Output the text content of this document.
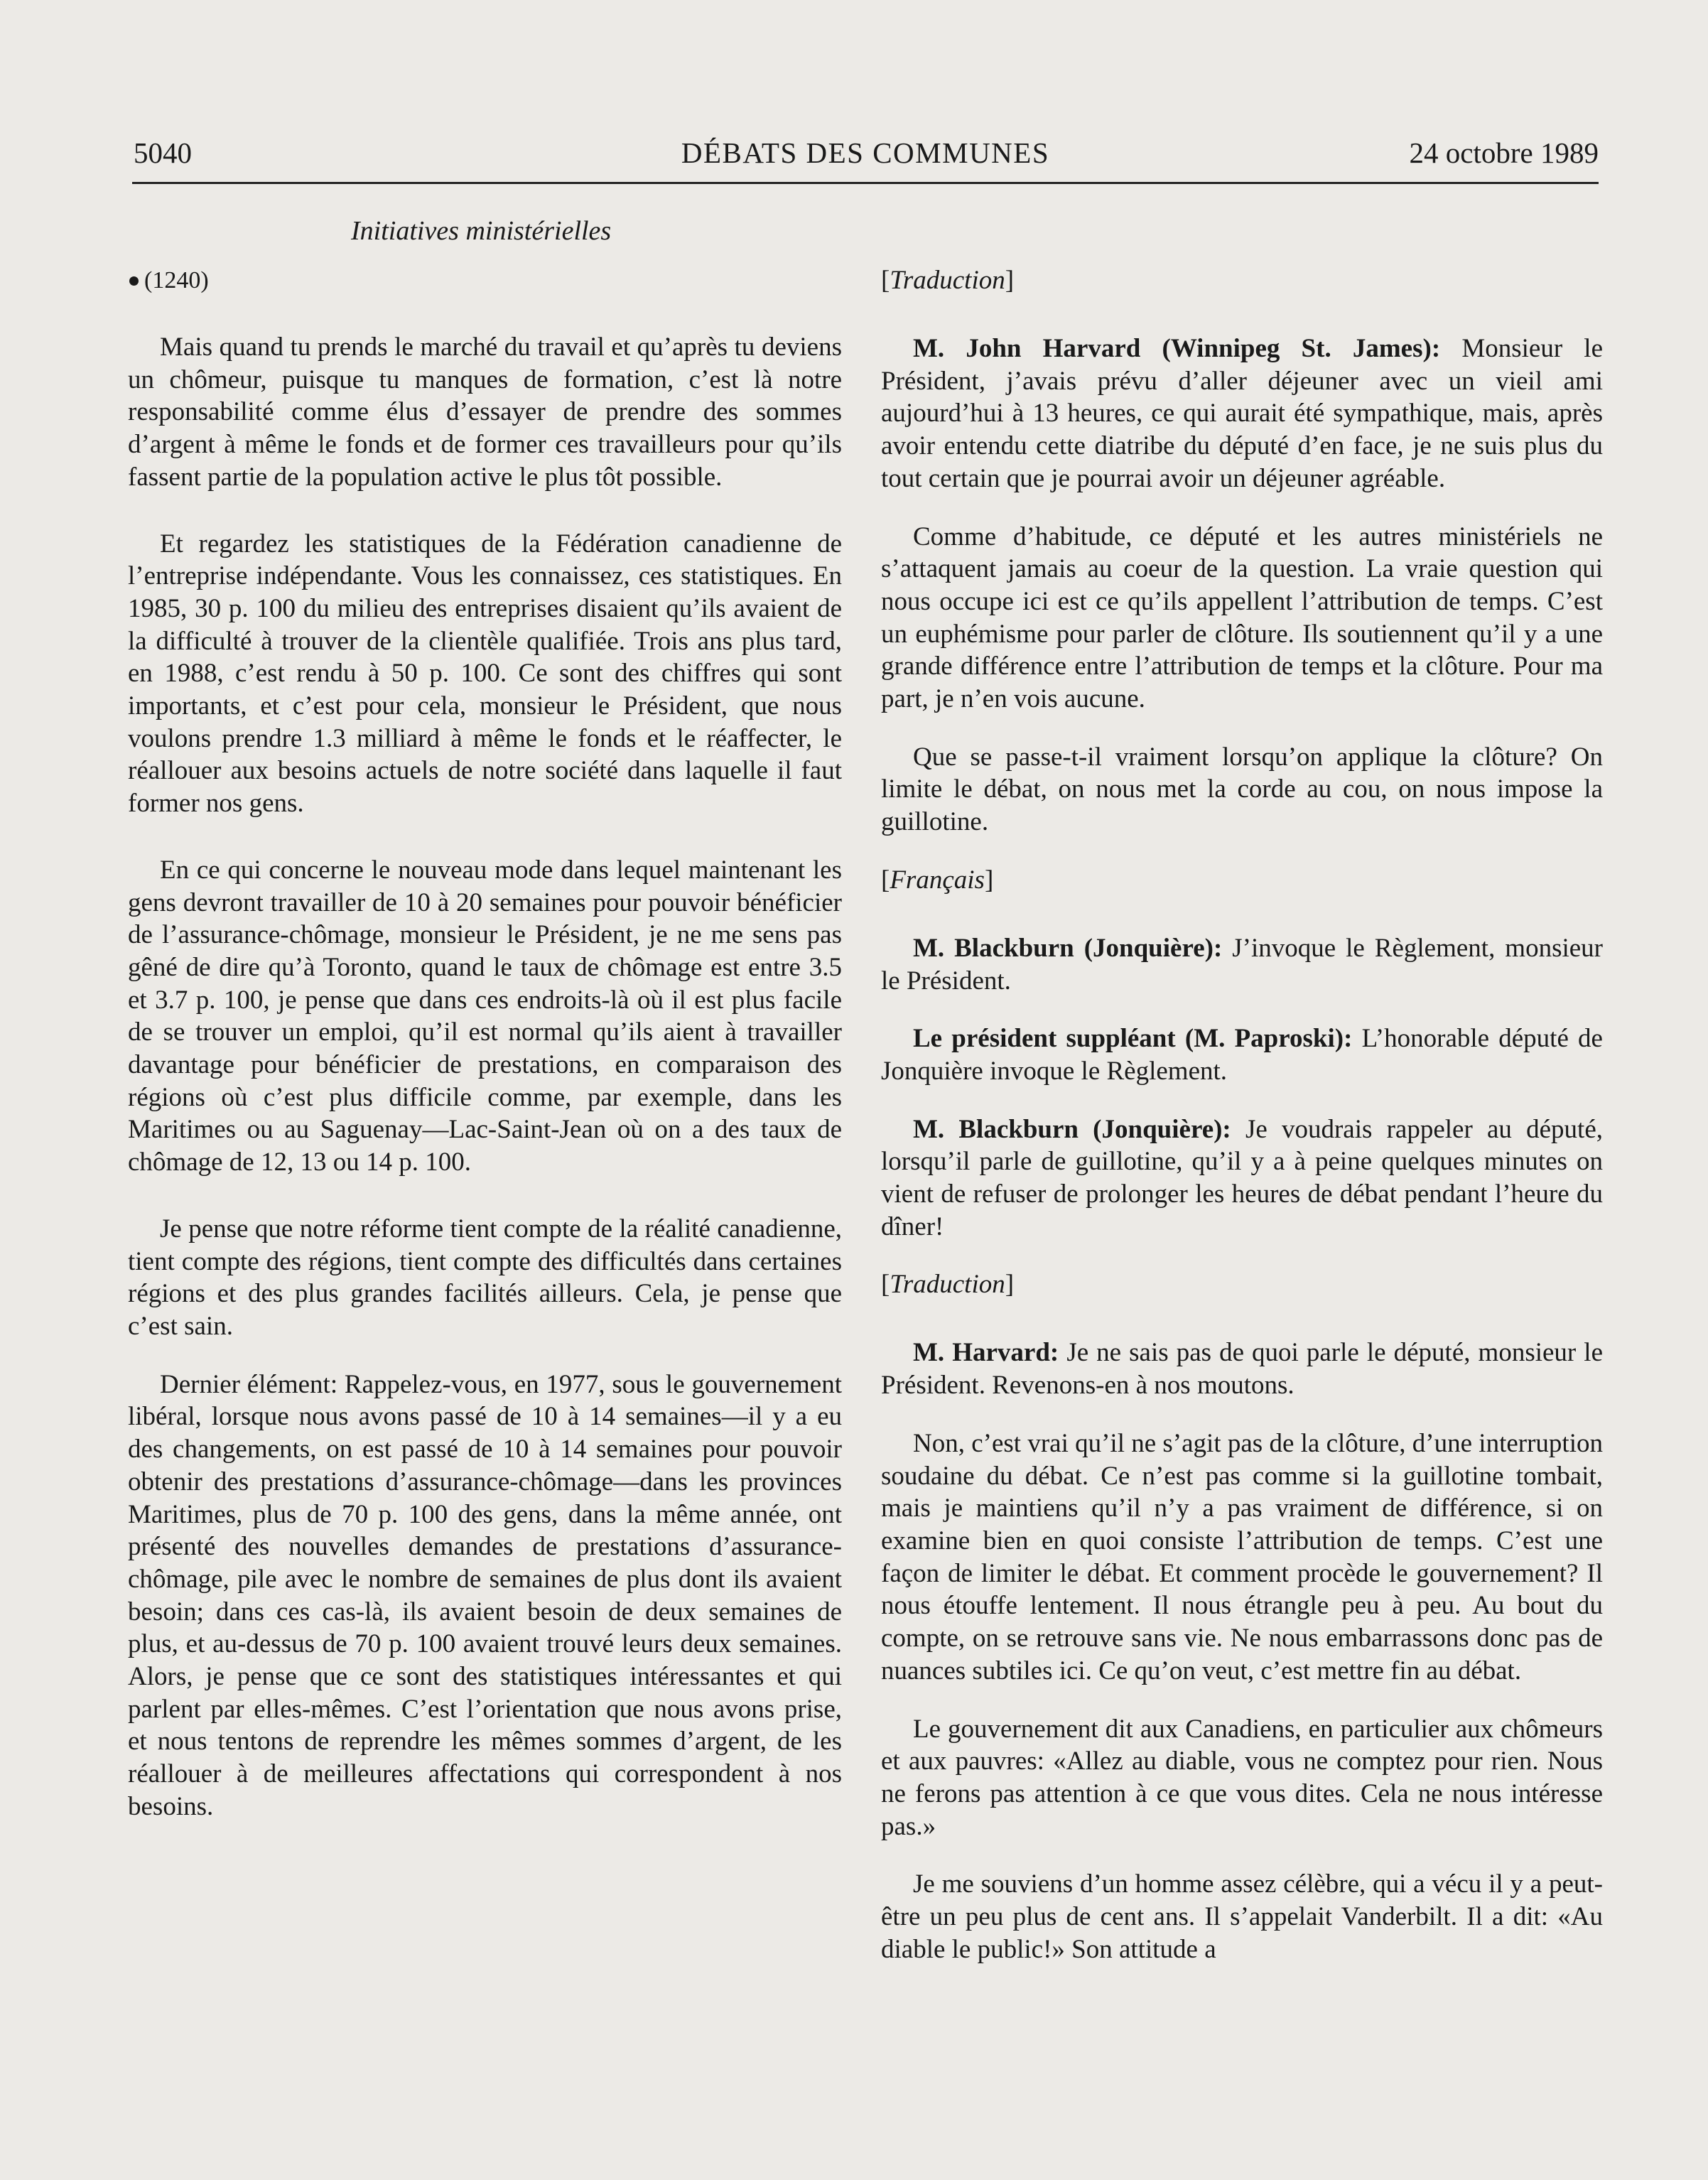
5040	DÉBATS DES COMMUNES	24 octobre 1989
Initiatives ministérielles
(1240)

Mais quand tu prends le marché du travail et qu’après tu deviens un chômeur, puisque tu manques de formation, c’est là notre responsabilité comme élus d’essayer de prendre des sommes d’argent à même le fonds et de former ces travailleurs pour qu’ils fassent partie de la population active le plus tôt possible.

Et regardez les statistiques de la Fédération canadienne de l’entreprise indépendante. Vous les connaissez, ces statistiques. En 1985, 30 p. 100 du milieu des entreprises disaient qu’ils avaient de la difficulté à trouver de la clientèle qualifiée. Trois ans plus tard, en 1988, c’est rendu à 50 p. 100. Ce sont des chiffres qui sont importants, et c’est pour cela, monsieur le Président, que nous voulons prendre 1.3 milliard à même le fonds et le réaffecter, le réallouer aux besoins actuels de notre société dans laquelle il faut former nos gens.

En ce qui concerne le nouveau mode dans lequel maintenant les gens devront travailler de 10 à 20 semaines pour pouvoir bénéficier de l’assurance-chômage, monsieur le Président, je ne me sens pas gêné de dire qu’à Toronto, quand le taux de chômage est entre 3.5 et 3.7 p. 100, je pense que dans ces endroits-là où il est plus facile de se trouver un emploi, qu’il est normal qu’ils aient à travailler davantage pour bénéficier de prestations, en comparaison des régions où c’est plus difficile comme, par exemple, dans les Maritimes ou au Saguenay—Lac-Saint-Jean où on a des taux de chômage de 12, 13 ou 14 p. 100.

Je pense que notre réforme tient compte de la réalité canadienne, tient compte des régions, tient compte des difficultés dans certaines régions et des plus grandes facilités ailleurs. Cela, je pense que c’est sain.

Dernier élément: Rappelez-vous, en 1977, sous le gouvernement libéral, lorsque nous avons passé de 10 à 14 semaines—il y a eu des changements, on est passé de 10 à 14 semaines pour pouvoir obtenir des prestations d’assurance-chômage—dans les provinces Maritimes, plus de 70 p. 100 des gens, dans la même année, ont présenté des nouvelles demandes de prestations d’assurance-chômage, pile avec le nombre de semaines de plus dont ils avaient besoin; dans ces cas-là, ils avaient besoin de deux semaines de plus, et au-dessus de 70 p. 100 avaient trouvé leurs deux semaines. Alors, je pense que ce sont des statistiques intéressantes et qui parlent par elles-mêmes. C’est l’orientation que nous avons prise, et nous tentons de reprendre les mêmes sommes d’argent, de les réallouer à de meilleures affectations qui correspondent à nos besoins.

[Traduction]

M. John Harvard (Winnipeg St. James): Monsieur le Président, j’avais prévu d’aller déjeuner avec un vieil ami aujourd’hui à 13 heures, ce qui aurait été sympathique, mais, après avoir entendu cette diatribe du député d’en face, je ne suis plus du tout certain que je pourrai avoir un déjeuner agréable.

Comme d’habitude, ce député et les autres ministériels ne s’attaquent jamais au coeur de la question. La vraie question qui nous occupe ici est ce qu’ils appellent l’attribution de temps. C’est un euphémisme pour parler de clôture. Ils soutiennent qu’il y a une grande différence entre l’attribution de temps et la clôture. Pour ma part, je n’en vois aucune.

Que se passe-t-il vraiment lorsqu’on applique la clôture? On limite le débat, on nous met la corde au cou, on nous impose la guillotine.

[Français]

M. Blackburn (Jonquière): J’invoque le Règlement, monsieur le Président.

Le président suppléant (M. Paproski): L’honorable député de Jonquière invoque le Règlement.

M. Blackburn (Jonquière): Je voudrais rappeler au député, lorsqu’il parle de guillotine, qu’il y a à peine quelques minutes on vient de refuser de prolonger les heures de débat pendant l’heure du dîner!

[Traduction]

M. Harvard: Je ne sais pas de quoi parle le député, monsieur le Président. Revenons-en à nos moutons.

Non, c’est vrai qu’il ne s’agit pas de la clôture, d’une interruption soudaine du débat. Ce n’est pas comme si la guillotine tombait, mais je maintiens qu’il n’y a pas vraiment de différence, si on examine bien en quoi consiste l’attribution de temps. C’est une façon de limiter le débat. Et comment procède le gouvernement? Il nous étouffe lentement. Il nous étrangle peu à peu. Au bout du compte, on se retrouve sans vie. Ne nous embarrassons donc pas de nuances subtiles ici. Ce qu’on veut, c’est mettre fin au débat.

Le gouvernement dit aux Canadiens, en particulier aux chômeurs et aux pauvres: «Allez au diable, vous ne comptez pour rien. Nous ne ferons pas attention à ce que vous dites. Cela ne nous intéresse pas.»

Je me souviens d’un homme assez célèbre, qui a vécu il y a peut-être un peu plus de cent ans. Il s’appelait Vanderbilt. Il a dit: «Au diable le public!» Son attitude a
